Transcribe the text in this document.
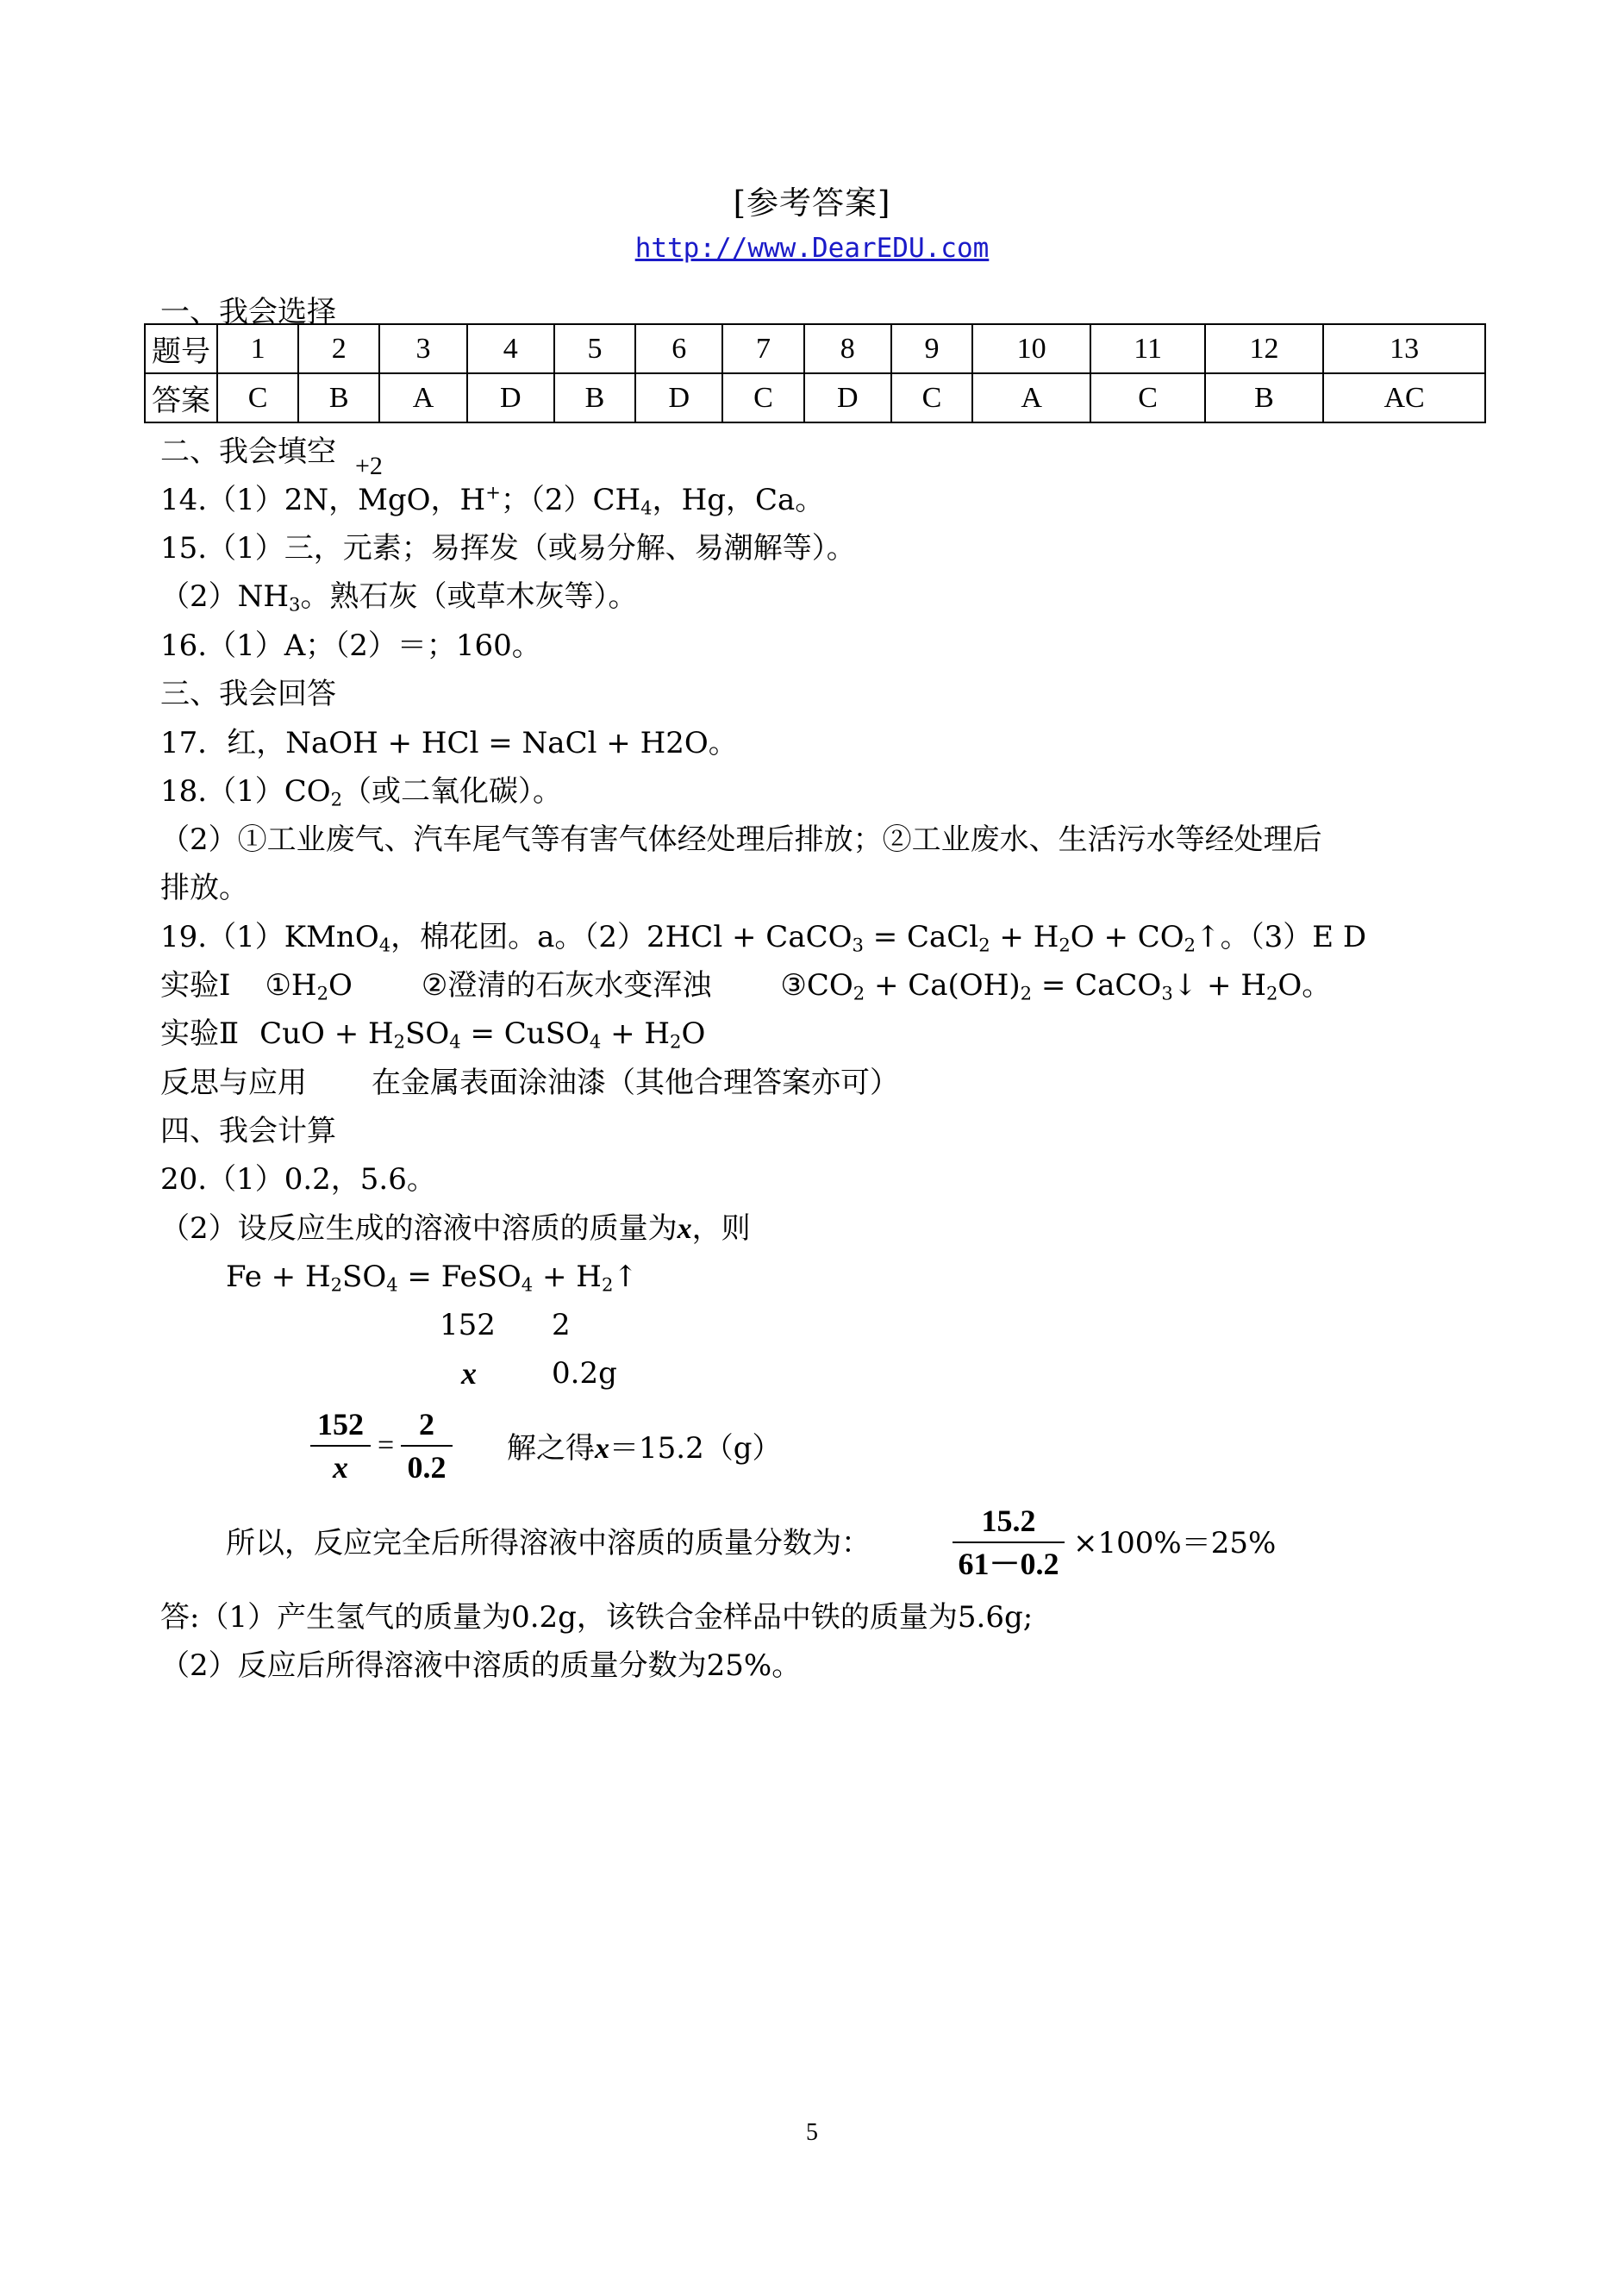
[参考答案]
http://www.DearEDU.com
一、我会选择
题号	1	2	3	4	5	6	7	8	9	10	11	12	13
答案	C	B	A	D	B	D	C	D	C	A	C	B	AC
二、我会填空 +2
14.（1）2N，MgO，H+；$(2)CH_4$，Hg，Ca。
15.（1）三，元素；易挥发（或易分解、易潮解等）。
$(2)NH_3$。熟石灰（或草木灰等）。
16.（1）A；（2）＝；160。
三、我会回答
17．红，NaOH + HCl = NaCl + H2O。
$18.(1)CO_2$（或二氧化碳）。
（2）①工业废气、汽车尾气等有害气体经处理后排放；②工业废水、生活污水等经处理后
排放。
19.（1）KMnO$_4$，棉花团。a。（2）2HCl + CaCO$_3$ = CaCl$_2$ + $H_2O$ + $CO_2↑$。（3）E D
实验Ⅰ $①H_2O$ ②澄清的石灰水变浑浊 $③CO_2 + Ca(OH)_2$ = CaCO$_3$↓ + $H_2O$。
实验Ⅱ CuO + $H_2SO_4$ = CuSO$_4$ + $H_2O$
反思与应用 在金属表面涂油漆（其他合理答案亦可）
四、我会计算
20.（1）0.2，5.6。
（2）设反应生成的溶液中溶质的质量为x，则
$Fe + H_2SO_4$ = FeSO$_4$ + $H_2↑$
152 2
x	0.2g
$\frac{152}{x} = \frac{2}{0.2}$ 解之得x＝15.2（g）
所以，反应完全后所得溶液中溶质的质量分数为：	$\frac{15.2}{61-0.2} \times 100\%=25\%$
答:（1）产生氢气的质量为0.2g，该铁合金样品中铁的质量为5.6g;
（2）反应后所得溶液中溶质的质量分数为25%。
5
